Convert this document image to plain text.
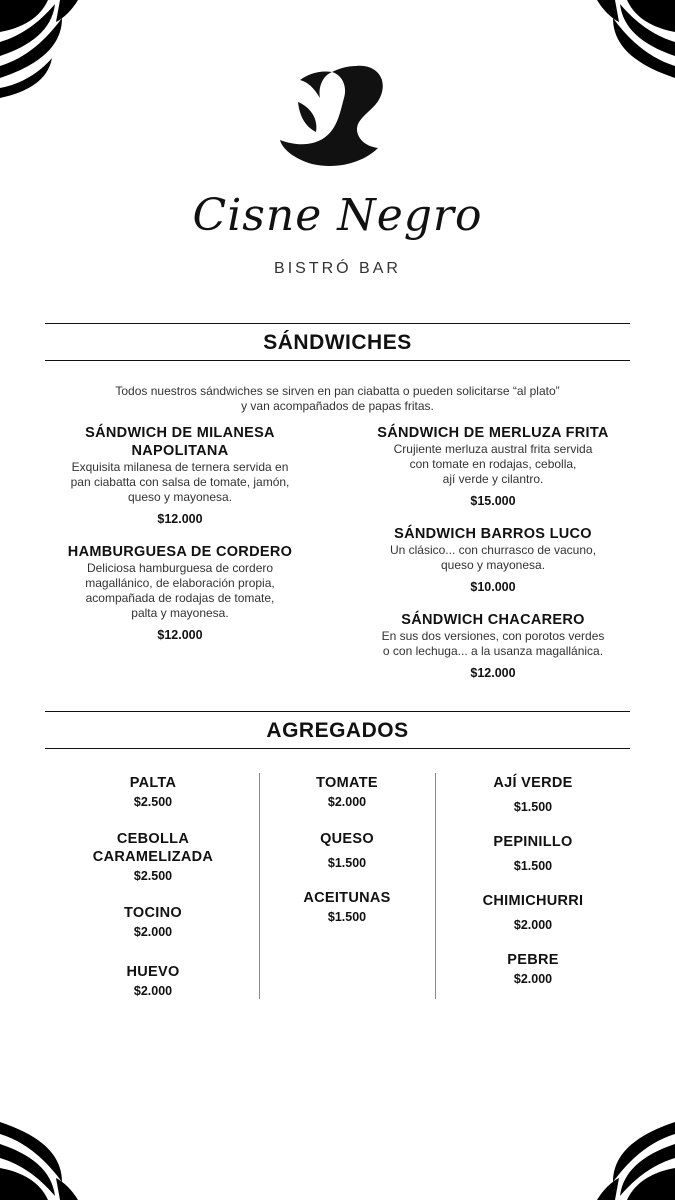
Cisne Negro
BISTRÓ BAR
SÁNDWICHES
Todos nuestros sándwiches se sirven en pan ciabatta o pueden solicitarse “al plato”
y van acompañados de papas fritas.
SÁNDWICH DE MILANESA
NAPOLITANA
Exquisita milanesa de ternera servida en
pan ciabatta con salsa de tomate, jamón,
queso y mayonesa.
$12.000
HAMBURGUESA DE CORDERO
Deliciosa hamburguesa de cordero
magallánico, de elaboración propia,
acompañada de rodajas de tomate,
palta y mayonesa.
$12.000
SÁNDWICH DE MERLUZA FRITA
Crujiente merluza austral frita servida
con tomate en rodajas, cebolla,
ají verde y cilantro.
$15.000
SÁNDWICH BARROS LUCO
Un clásico... con churrasco de vacuno,
queso y mayonesa.
$10.000
SÁNDWICH CHACARERO
En sus dos versiones, con porotos verdes
o con lechuga... a la usanza magallánica.
$12.000
AGREGADOS
PALTA
$2.500
CEBOLLA
CARAMELIZADA
$2.500
TOCINO
$2.000
HUEVO
$2.000
TOMATE
$2.000
QUESO
$1.500
ACEITUNAS
$1.500
AJÍ VERDE
$1.500
PEPINILLO
$1.500
CHIMICHURRI
$2.000
PEBRE
$2.000
